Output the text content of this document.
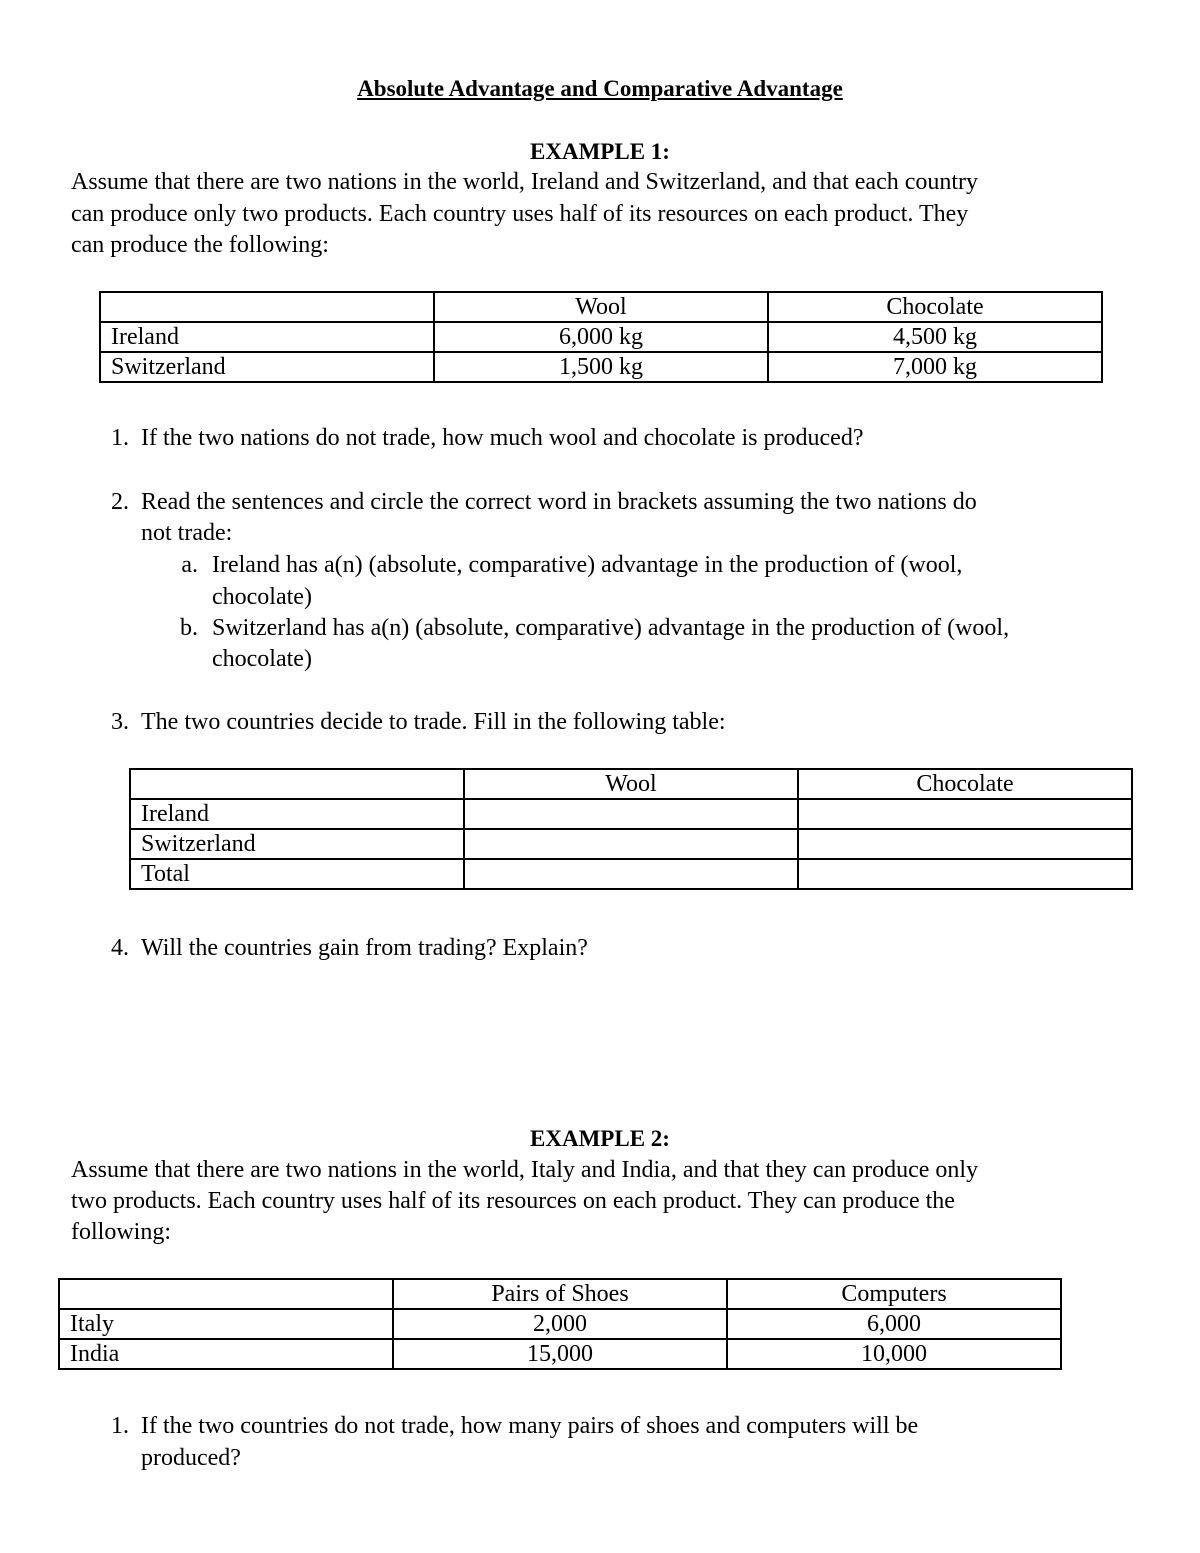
Absolute Advantage and Comparative Advantage
EXAMPLE 1:
Assume that there are two nations in the world, Ireland and Switzerland, and that each country
can produce only two products. Each country uses half of its resources on each product. They
can produce the following:
	Wool	Chocolate
Ireland	6,000 kg	4,500 kg
Switzerland	1,500 kg	7,000 kg
1. If the two nations do not trade, how much wool and chocolate is produced?
2. Read the sentences and circle the correct word in brackets assuming the two nations do
not trade:
a. Ireland has a(n) (absolute, comparative) advantage in the production of (wool,
chocolate)
b. Switzerland has a(n) (absolute, comparative) advantage in the production of (wool,
chocolate)
3. The two countries decide to trade. Fill in the following table:
	Wool	Chocolate
Ireland		
Switzerland		
Total		
4. Will the countries gain from trading? Explain?
EXAMPLE 2:
Assume that there are two nations in the world, Italy and India, and that they can produce only
two products. Each country uses half of its resources on each product. They can produce the
following:
	Pairs of Shoes	Computers
Italy	2,000	6,000
India	15,000	10,000
1. If the two countries do not trade, how many pairs of shoes and computers will be
produced?
